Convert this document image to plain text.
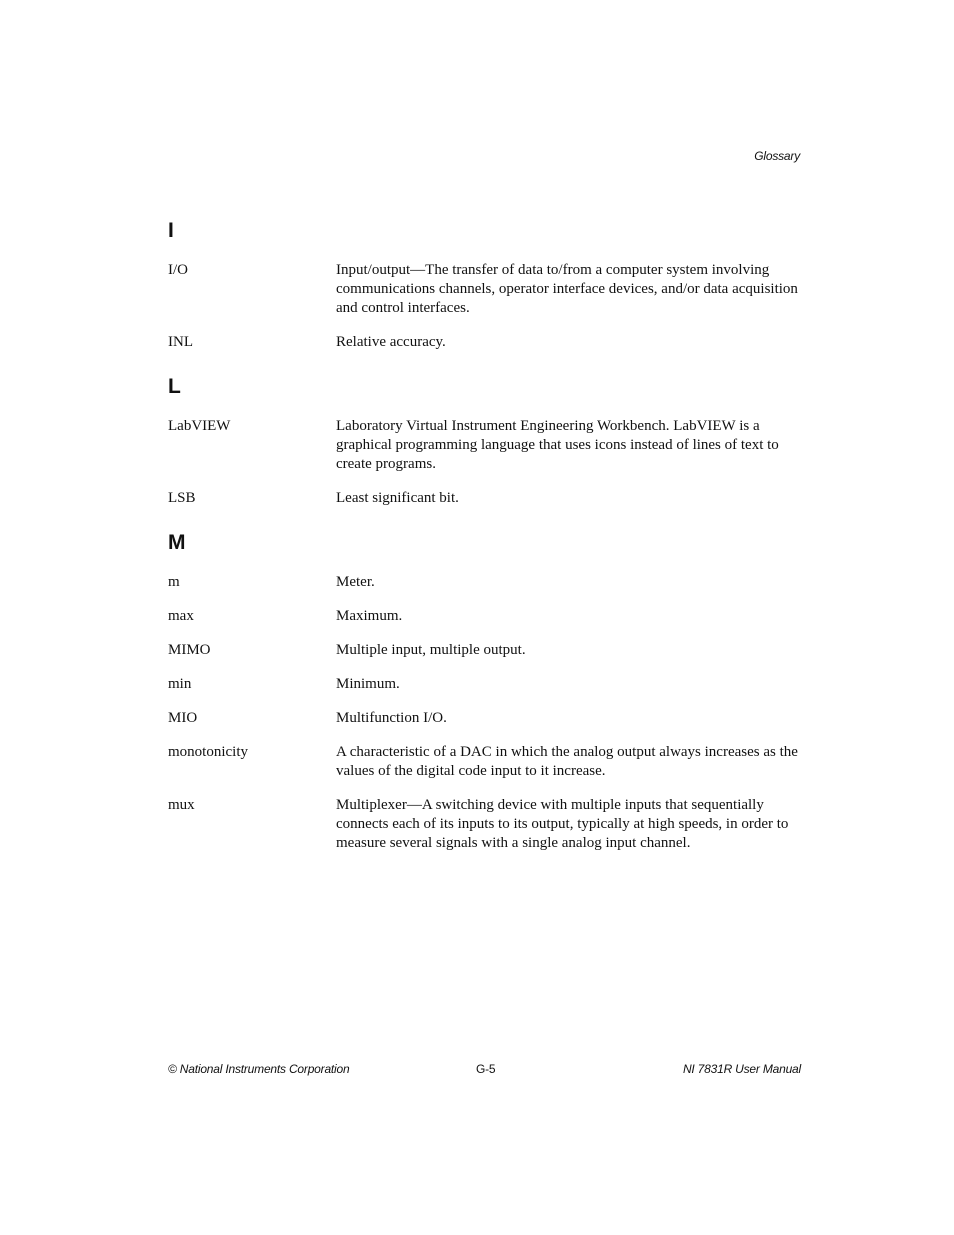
Glossary
I
I/O	Input/output—The transfer of data to/from a computer system involving communications channels, operator interface devices, and/or data acquisition and control interfaces.
INL	Relative accuracy.
L
LabVIEW	Laboratory Virtual Instrument Engineering Workbench. LabVIEW is a graphical programming language that uses icons instead of lines of text to create programs.
LSB	Least significant bit.
M
m	Meter.
max	Maximum.
MIMO	Multiple input, multiple output.
min	Minimum.
MIO	Multifunction I/O.
monotonicity	A characteristic of a DAC in which the analog output always increases as the values of the digital code input to it increase.
mux	Multiplexer—A switching device with multiple inputs that sequentially connects each of its inputs to its output, typically at high speeds, in order to measure several signals with a single analog input channel.
© National Instruments Corporation	G-5	NI 7831R User Manual
